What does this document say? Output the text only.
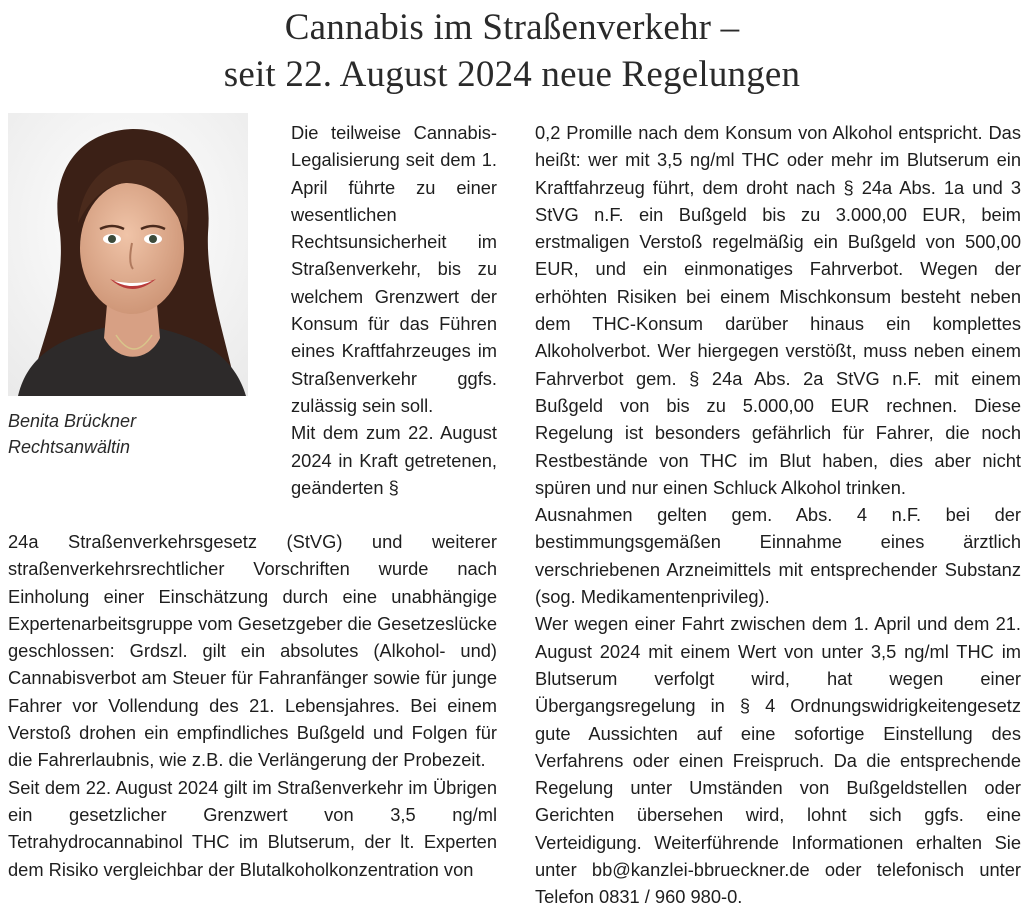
Cannabis im Straßenverkehr –
seit 22. August 2024 neue Regelungen
Benita Brückner
Rechtsanwältin

Die teilweise Cannabis-Legalisierung seit dem 1. April führte zu einer wesentlichen Rechtsunsicherheit im Straßenverkehr, bis zu welchem Grenzwert der Konsum für das Führen eines Kraftfahrzeuges im Straßenverkehr ggfs. zulässig sein soll.

Mit dem zum 22. August 2024 in Kraft getretenen, geänderten §

24a Straßenverkehrsgesetz (StVG) und weiterer straßenverkehrsrechtlicher Vorschriften wurde nach Einholung einer Einschätzung durch eine unabhängige Expertenarbeitsgruppe vom Gesetzgeber die Gesetzeslücke geschlossen: Grdszl. gilt ein absolutes (Alkohol- und) Cannabisverbot am Steuer für Fahranfänger sowie für junge Fahrer vor Vollendung des 21. Lebensjahres. Bei einem Verstoß drohen ein empfindliches Bußgeld und Folgen für die Fahrerlaubnis, wie z.B. die Verlängerung der Probezeit.

Seit dem 22. August 2024 gilt im Straßenverkehr im Übrigen ein gesetzlicher Grenzwert von 3,5 ng/ml Tetrahydrocannabinol THC im Blutserum, der lt. Experten dem Risiko vergleichbar der Blutalkoholkonzentration von

0,2 Promille nach dem Konsum von Alkohol entspricht. Das heißt: wer mit 3,5 ng/ml THC oder mehr im Blutserum ein Kraftfahrzeug führt, dem droht nach § 24a Abs. 1a und 3 StVG n.F. ein Bußgeld bis zu 3.000,00 EUR, beim erstmaligen Verstoß regelmäßig ein Bußgeld von 500,00 EUR, und ein einmonatiges Fahrverbot. Wegen der erhöhten Risiken bei einem Mischkonsum besteht neben dem THC-Konsum darüber hinaus ein komplettes Alkoholverbot. Wer hiergegen verstößt, muss neben einem Fahrverbot gem. § 24a Abs. 2a StVG n.F. mit einem Bußgeld von bis zu 5.000,00 EUR rechnen. Diese Regelung ist besonders gefährlich für Fahrer, die noch Restbestände von THC im Blut haben, dies aber nicht spüren und nur einen Schluck Alkohol trinken.

Ausnahmen gelten gem. Abs. 4 n.F. bei der bestimmungsgemäßen Einnahme eines ärztlich verschriebenen Arzneimittels mit entsprechender Substanz (sog. Medikamentenprivileg).

Wer wegen einer Fahrt zwischen dem 1. April und dem 21. August 2024 mit einem Wert von unter 3,5 ng/ml THC im Blutserum verfolgt wird, hat wegen einer Übergangsregelung in § 4 Ordnungswidrigkeitengesetz gute Aussichten auf eine sofortige Einstellung des Verfahrens oder einen Freispruch. Da die entsprechende Regelung unter Umständen von Bußgeldstellen oder Gerichten übersehen wird, lohnt sich ggfs. eine Verteidigung. Weiterführende Informationen erhalten Sie unter bb@kanzlei-bbrueckner.de oder telefonisch unter Telefon 0831 / 960 980-0.
